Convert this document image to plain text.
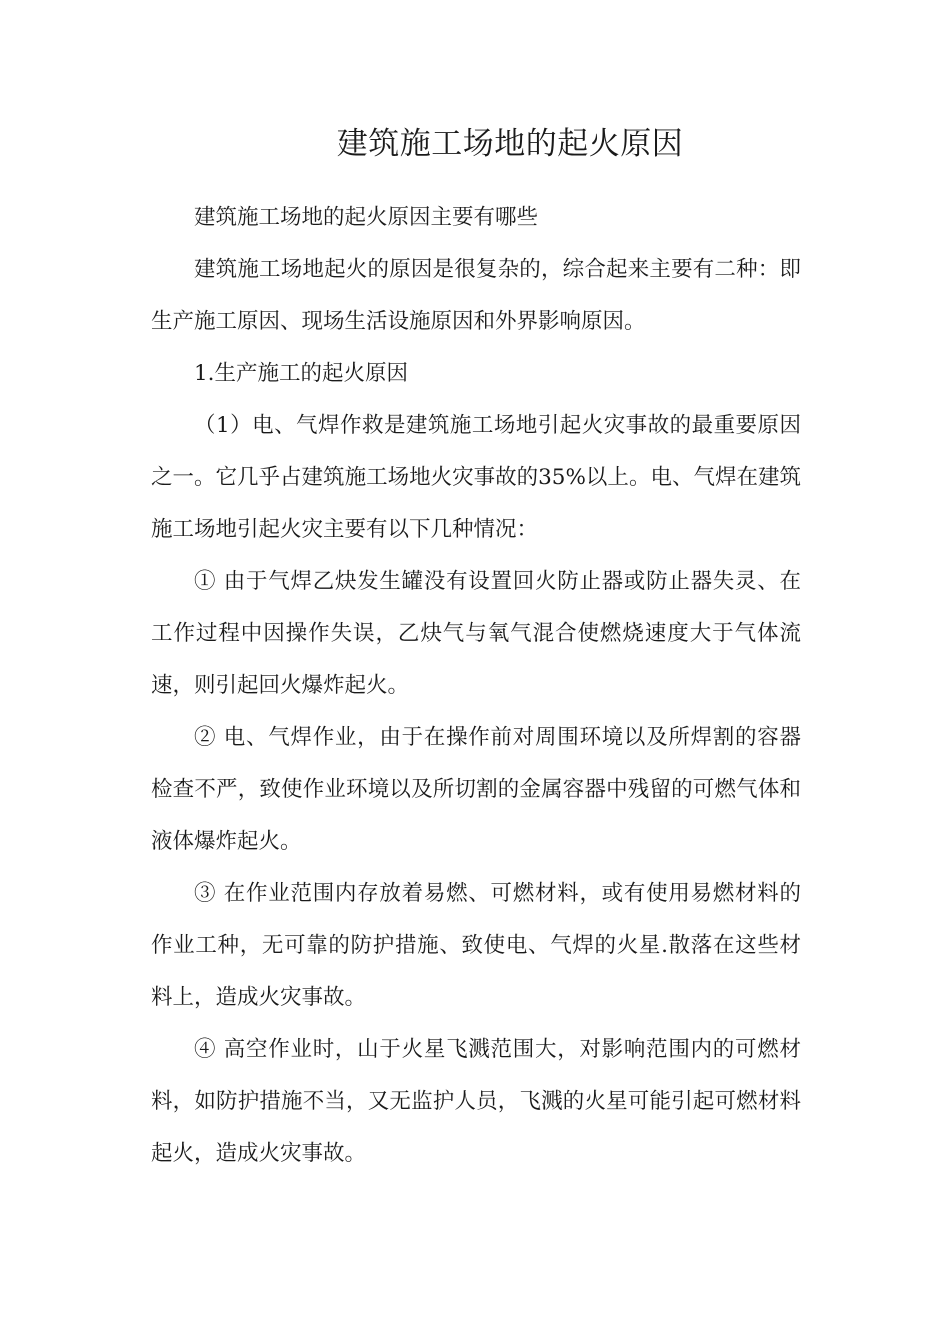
建筑施工场地的起火原因

建筑施工场地的起火原因主要有哪些

建筑施工场地起火的原因是很复杂的，综合起来主要有二种：即生产施工原因、现场生活设施原因和外界影响原因。

1.生产施工的起火原因

（1）电、气焊作救是建筑施工场地引起火灾事故的最重要原因之一。它几乎占建筑施工场地火灾事故的35%以上。电、气焊在建筑施工场地引起火灾主要有以下几种情况：

① 由于气焊乙炔发生罐没有设置回火防止器或防止器失灵、在工作过程中因操作失误，乙炔气与氧气混合使燃烧速度大于气体流速，则引起回火爆炸起火。

② 电、气焊作业，由于在操作前对周围环境以及所焊割的容器检查不严，致使作业环境以及所切割的金属容器中残留的可燃气体和液体爆炸起火。

③ 在作业范围内存放着易燃、可燃材料，或有使用易燃材料的作业工种，无可靠的防护措施、致使电、气焊的火星.散落在这些材料上，造成火灾事故。

④ 高空作业时，山于火星飞溅范围大，对影响范围内的可燃材料，如防护措施不当，又无监护人员，飞溅的火星可能引起可燃材料起火，造成火灾事故。
